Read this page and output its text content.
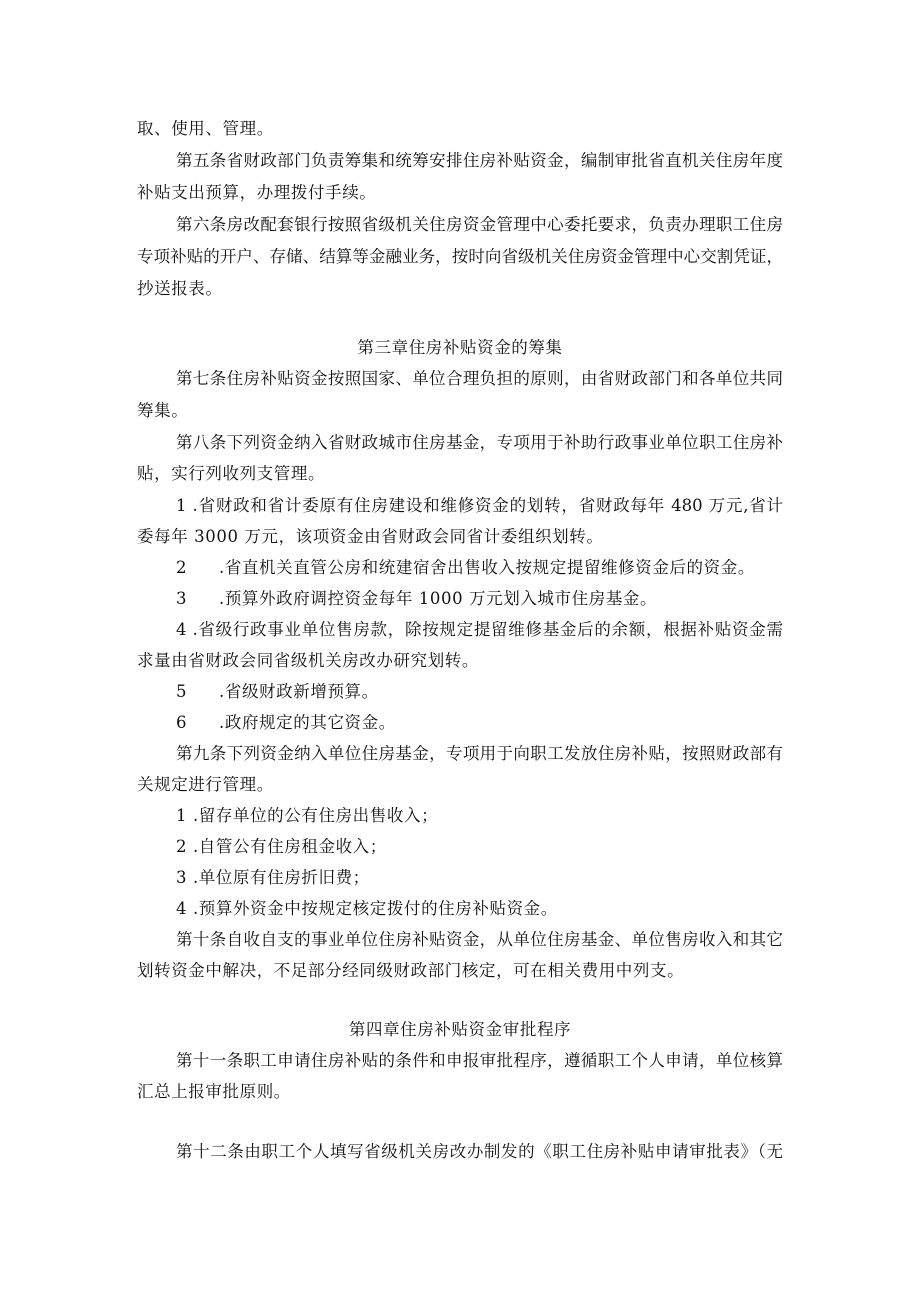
取、使用、管理。
第五条省财政部门负责筹集和统筹安排住房补贴资金，编制审批省直机关住房年度
补贴支出预算，办理拨付手续。
第六条房改配套银行按照省级机关住房资金管理中心委托要求，负责办理职工住房
专项补贴的开户、存储、结算等金融业务，按时向省级机关住房资金管理中心交割凭证，
抄送报表。
第三章住房补贴资金的筹集
第七条住房补贴资金按照国家、单位合理负担的原则，由省财政部门和各单位共同
筹集。
第八条下列资金纳入省财政城市住房基金，专项用于补助行政事业单位职工住房补
贴，实行列收列支管理。
1 .省财政和省计委原有住房建设和维修资金的划转，省财政每年 480 万元,省计
委每年 3000 万元，该项资金由省财政会同省计委组织划转。
2 .省直机关直管公房和统建宿舍出售收入按规定提留维修资金后的资金。
3 .预算外政府调控资金每年 1000 万元划入城市住房基金。
4 .省级行政事业单位售房款，除按规定提留维修基金后的余额，根据补贴资金需
求量由省财政会同省级机关房改办研究划转。
5 .省级财政新增预算。
6 .政府规定的其它资金。
第九条下列资金纳入单位住房基金，专项用于向职工发放住房补贴，按照财政部有
关规定进行管理。
1 .留存单位的公有住房出售收入；
2 .自管公有住房租金收入；
3 .单位原有住房折旧费；
4 .预算外资金中按规定核定拨付的住房补贴资金。
第十条自收自支的事业单位住房补贴资金，从单位住房基金、单位售房收入和其它
划转资金中解决，不足部分经同级财政部门核定，可在相关费用中列支。
第四章住房补贴资金审批程序
第十一条职工申请住房补贴的条件和申报审批程序，遵循职工个人申请，单位核算
汇总上报审批原则。
第十二条由职工个人填写省级机关房改办制发的《职工住房补贴申请审批表》（无
